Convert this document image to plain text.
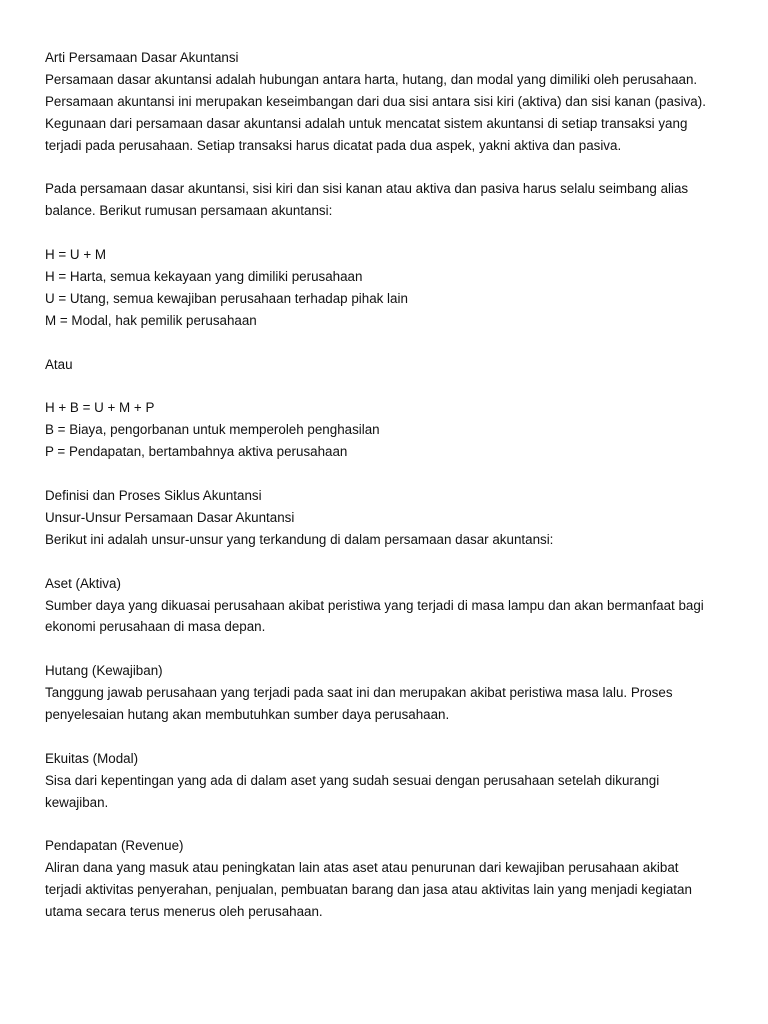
Arti Persamaan Dasar Akuntansi
Persamaan dasar akuntansi adalah hubungan antara harta, hutang, dan modal yang dimiliki oleh perusahaan.
Persamaan akuntansi ini merupakan keseimbangan dari dua sisi antara sisi kiri (aktiva) dan sisi kanan (pasiva).
Kegunaan dari persamaan dasar akuntansi adalah untuk mencatat sistem akuntansi di setiap transaksi yang
terjadi pada perusahaan. Setiap transaksi harus dicatat pada dua aspek, yakni aktiva dan pasiva.
Pada persamaan dasar akuntansi, sisi kiri dan sisi kanan atau aktiva dan pasiva harus selalu seimbang alias
balance. Berikut rumusan persamaan akuntansi:
H = U + M
H = Harta, semua kekayaan yang dimiliki perusahaan
U = Utang, semua kewajiban perusahaan terhadap pihak lain
M = Modal, hak pemilik perusahaan
Atau
H + B = U + M + P
B = Biaya, pengorbanan untuk memperoleh penghasilan
P = Pendapatan, bertambahnya aktiva perusahaan
Definisi dan Proses Siklus Akuntansi
Unsur-Unsur Persamaan Dasar Akuntansi
Berikut ini adalah unsur-unsur yang terkandung di dalam persamaan dasar akuntansi:
Aset (Aktiva)
Sumber daya yang dikuasai perusahaan akibat peristiwa yang terjadi di masa lampu dan akan bermanfaat bagi
ekonomi perusahaan di masa depan.
Hutang (Kewajiban)
Tanggung jawab perusahaan yang terjadi pada saat ini dan merupakan akibat peristiwa masa lalu. Proses
penyelesaian hutang akan membutuhkan sumber daya perusahaan.
Ekuitas (Modal)
Sisa dari kepentingan yang ada di dalam aset yang sudah sesuai dengan perusahaan setelah dikurangi
kewajiban.
Pendapatan (Revenue)
Aliran dana yang masuk atau peningkatan lain atas aset atau penurunan dari kewajiban perusahaan akibat
terjadi aktivitas penyerahan, penjualan, pembuatan barang dan jasa atau aktivitas lain yang menjadi kegiatan
utama secara terus menerus oleh perusahaan.
